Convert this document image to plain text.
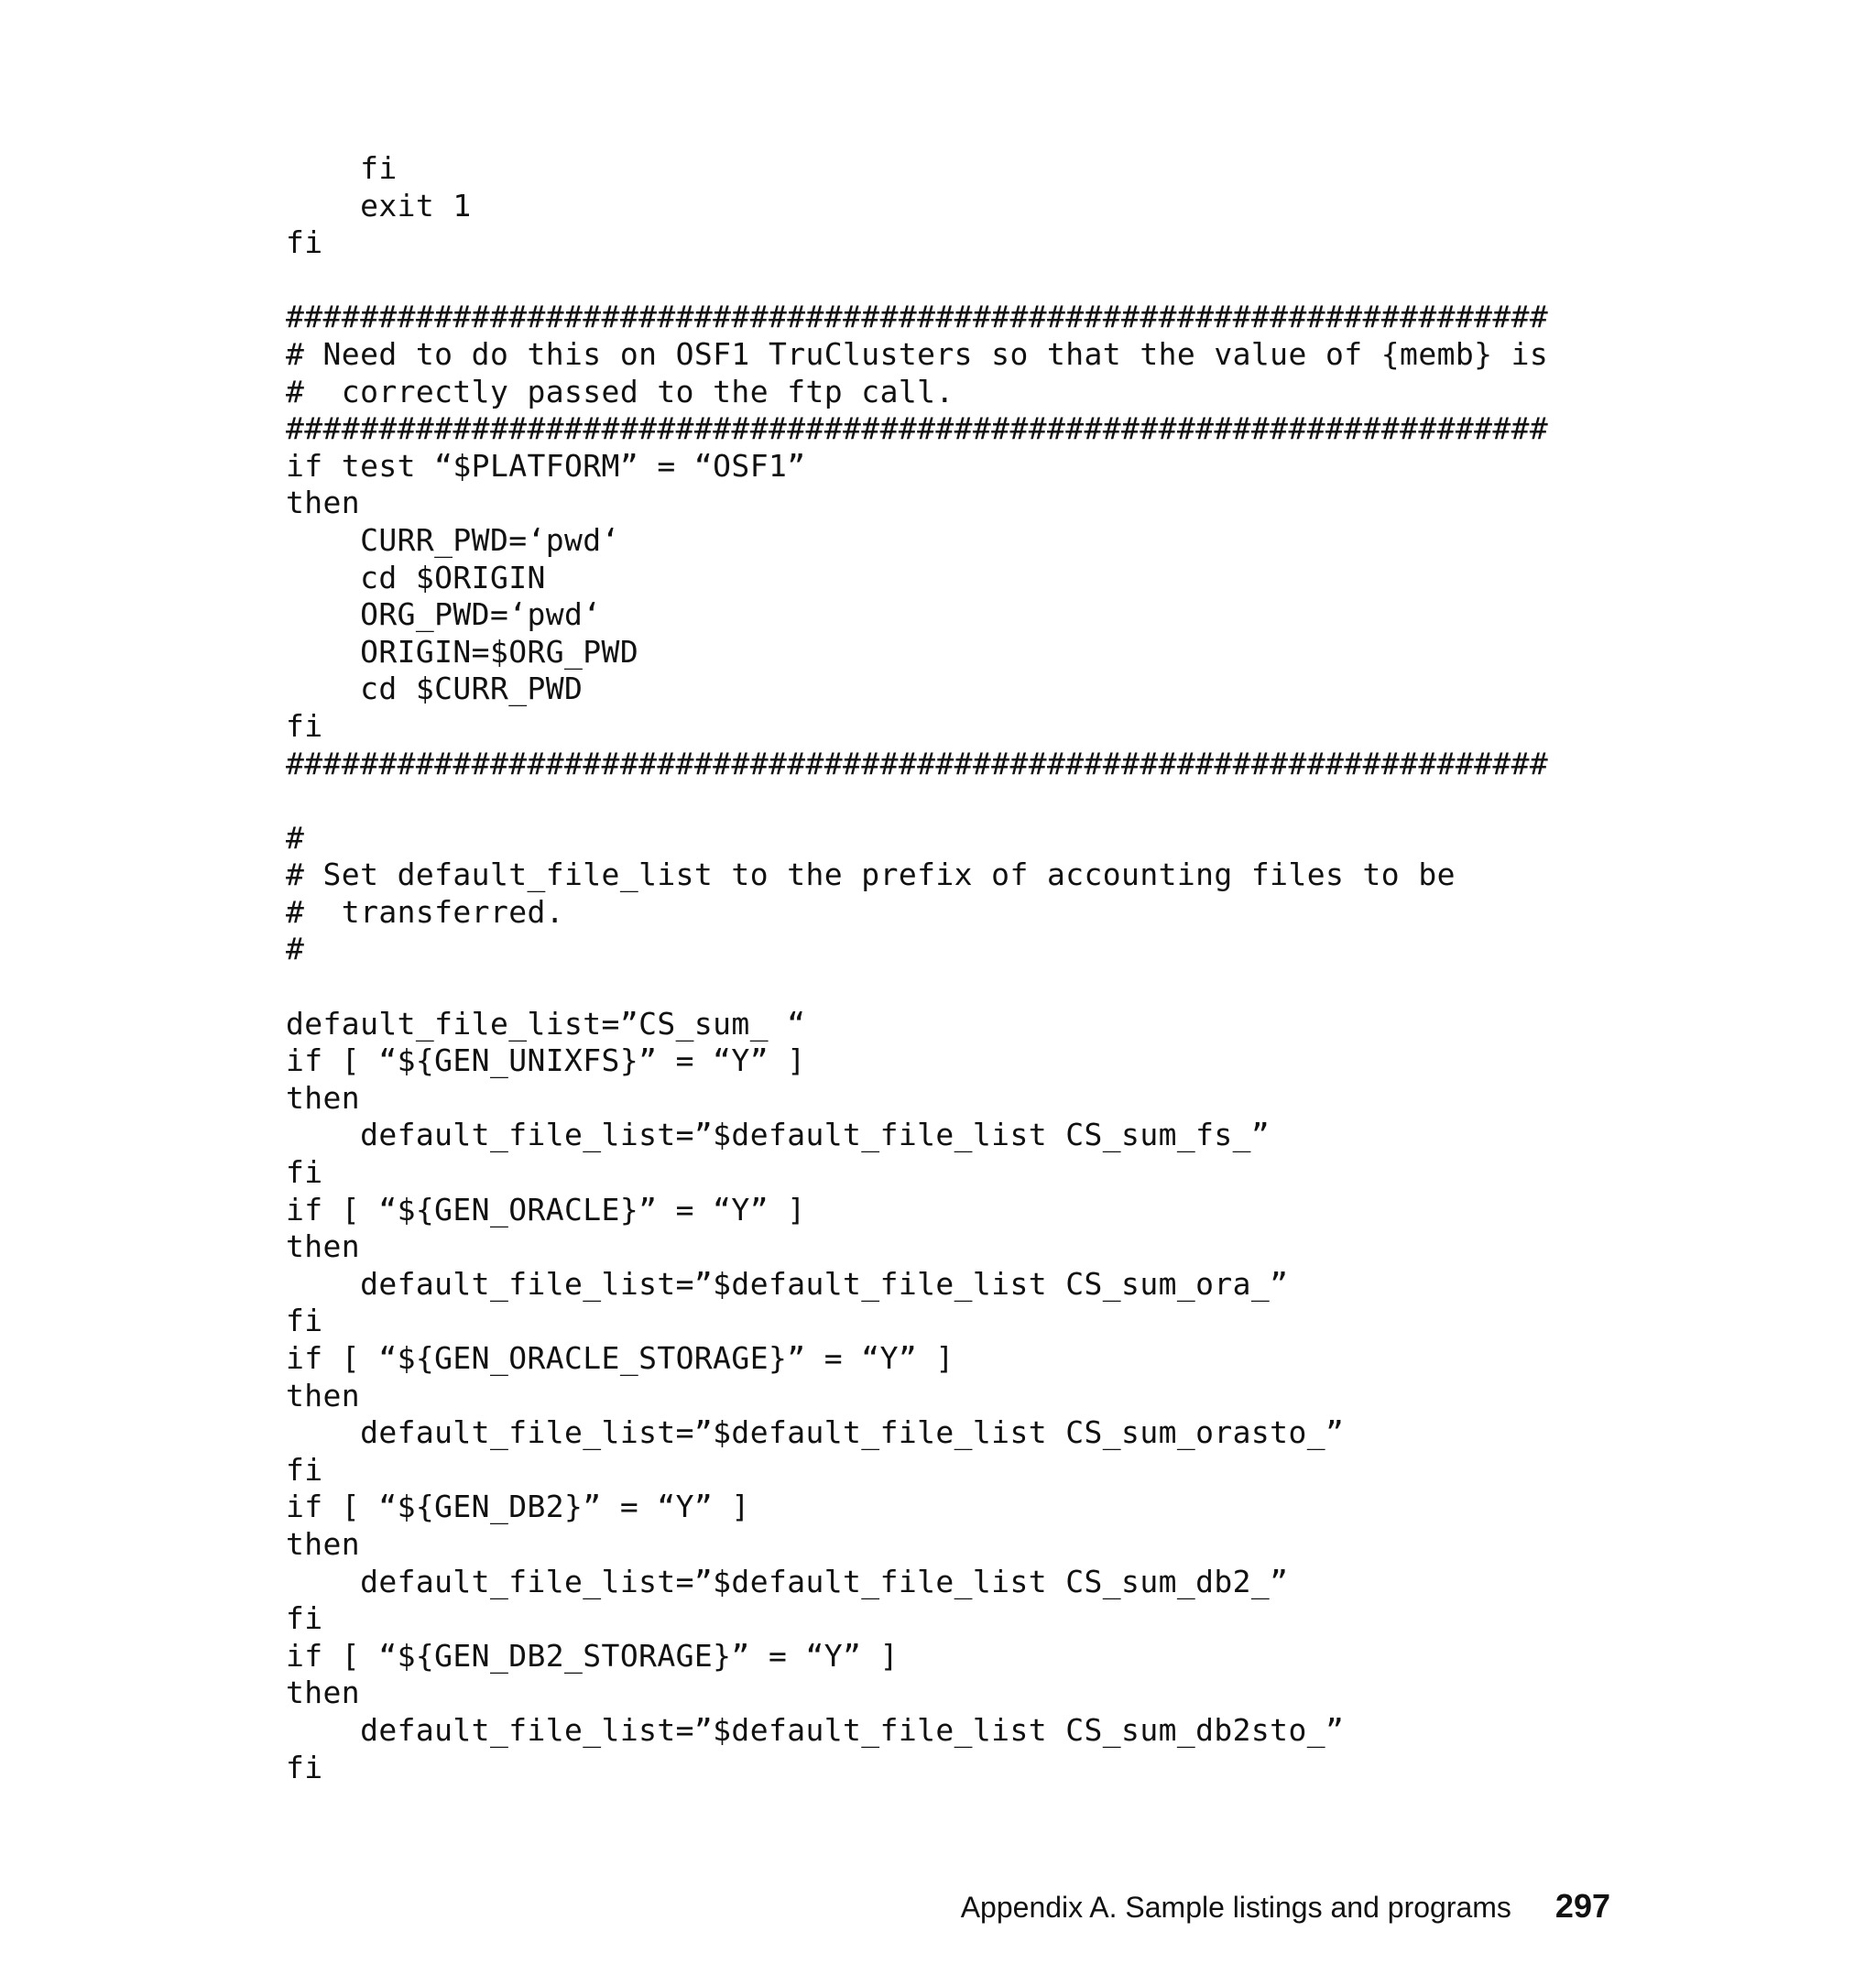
fi
exit 1
fi
####################################################################
# Need to do this on OSF1 TruClusters so that the value of {memb} is
#  correctly passed to the ftp call.
####################################################################
if test “$PLATFORM” = “OSF1”
then
CURR_PWD=‘pwd‘
cd $ORIGIN
ORG_PWD=‘pwd‘
ORIGIN=$ORG_PWD
cd $CURR_PWD
fi
####################################################################
#
# Set default_file_list to the prefix of accounting files to be
#  transferred.
#
default_file_list=”CS_sum_ “
if [ “${GEN_UNIXFS}” = “Y” ]
then
default_file_list=”$default_file_list CS_sum_fs_”
fi
if [ “${GEN_ORACLE}” = “Y” ]
then
default_file_list=”$default_file_list CS_sum_ora_”
fi
if [ “${GEN_ORACLE_STORAGE}” = “Y” ]
then
default_file_list=”$default_file_list CS_sum_orasto_”
fi
if [ “${GEN_DB2}” = “Y” ]
then
default_file_list=”$default_file_list CS_sum_db2_”
fi
if [ “${GEN_DB2_STORAGE}” = “Y” ]
then
default_file_list=”$default_file_list CS_sum_db2sto_”
fi
Appendix A. Sample listings and programs 297
